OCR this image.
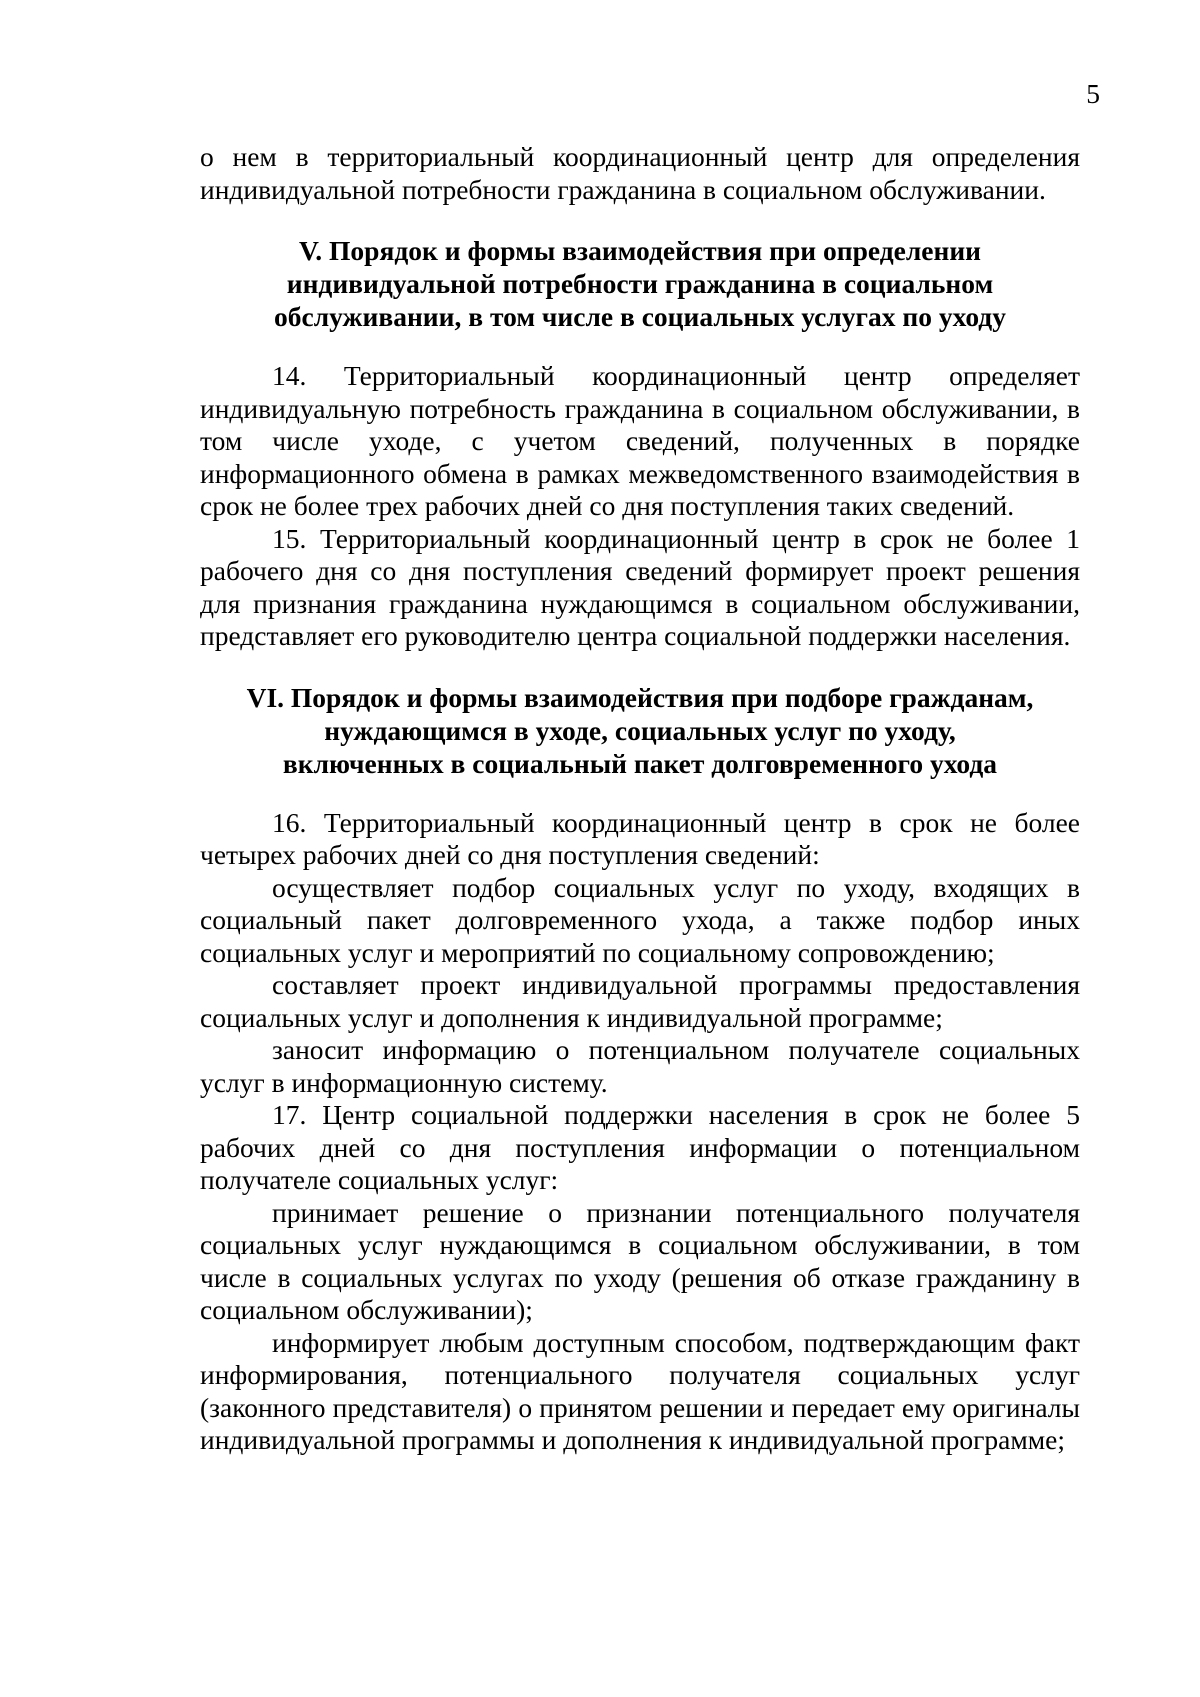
5

о нем в территориальный координационный центр для определения индивидуальной потребности гражданина в социальном обслуживании.

V. Порядок и формы взаимодействия при определении
индивидуальной потребности гражданина в социальном
обслуживании, в том числе в социальных услугах по уходу

14. Территориальный координационный центр определяет индивидуальную потребность гражданина в социальном обслуживании, в том числе уходе, с учетом сведений, полученных в порядке информационного обмена в рамках межведомственного взаимодействия в срок не более трех рабочих дней со дня поступления таких сведений.

15. Территориальный координационный центр в срок не более 1 рабочего дня со дня поступления сведений формирует проект решения для признания гражданина нуждающимся в социальном обслуживании, представляет его руководителю центра социальной поддержки населения.

VI. Порядок и формы взаимодействия при подборе гражданам,
нуждающимся в уходе, социальных услуг по уходу,
включенных в социальный пакет долговременного ухода

16. Территориальный координационный центр в срок не более четырех рабочих дней со дня поступления сведений:

осуществляет подбор социальных услуг по уходу, входящих в социальный пакет долговременного ухода, а также подбор иных социальных услуг и мероприятий по социальному сопровождению;

составляет проект индивидуальной программы предоставления социальных услуг и дополнения к индивидуальной программе;

заносит информацию о потенциальном получателе социальных услуг в информационную систему.

17. Центр социальной поддержки населения в срок не более 5 рабочих дней со дня поступления информации о потенциальном получателе социальных услуг:

принимает решение о признании потенциального получателя социальных услуг нуждающимся в социальном обслуживании, в том числе в социальных услугах по уходу (решения об отказе гражданину в социальном обслуживании);

информирует любым доступным способом, подтверждающим факт информирования, потенциального получателя социальных услуг (законного представителя) о принятом решении и передает ему оригиналы индивидуальной программы и дополнения к индивидуальной программе;
